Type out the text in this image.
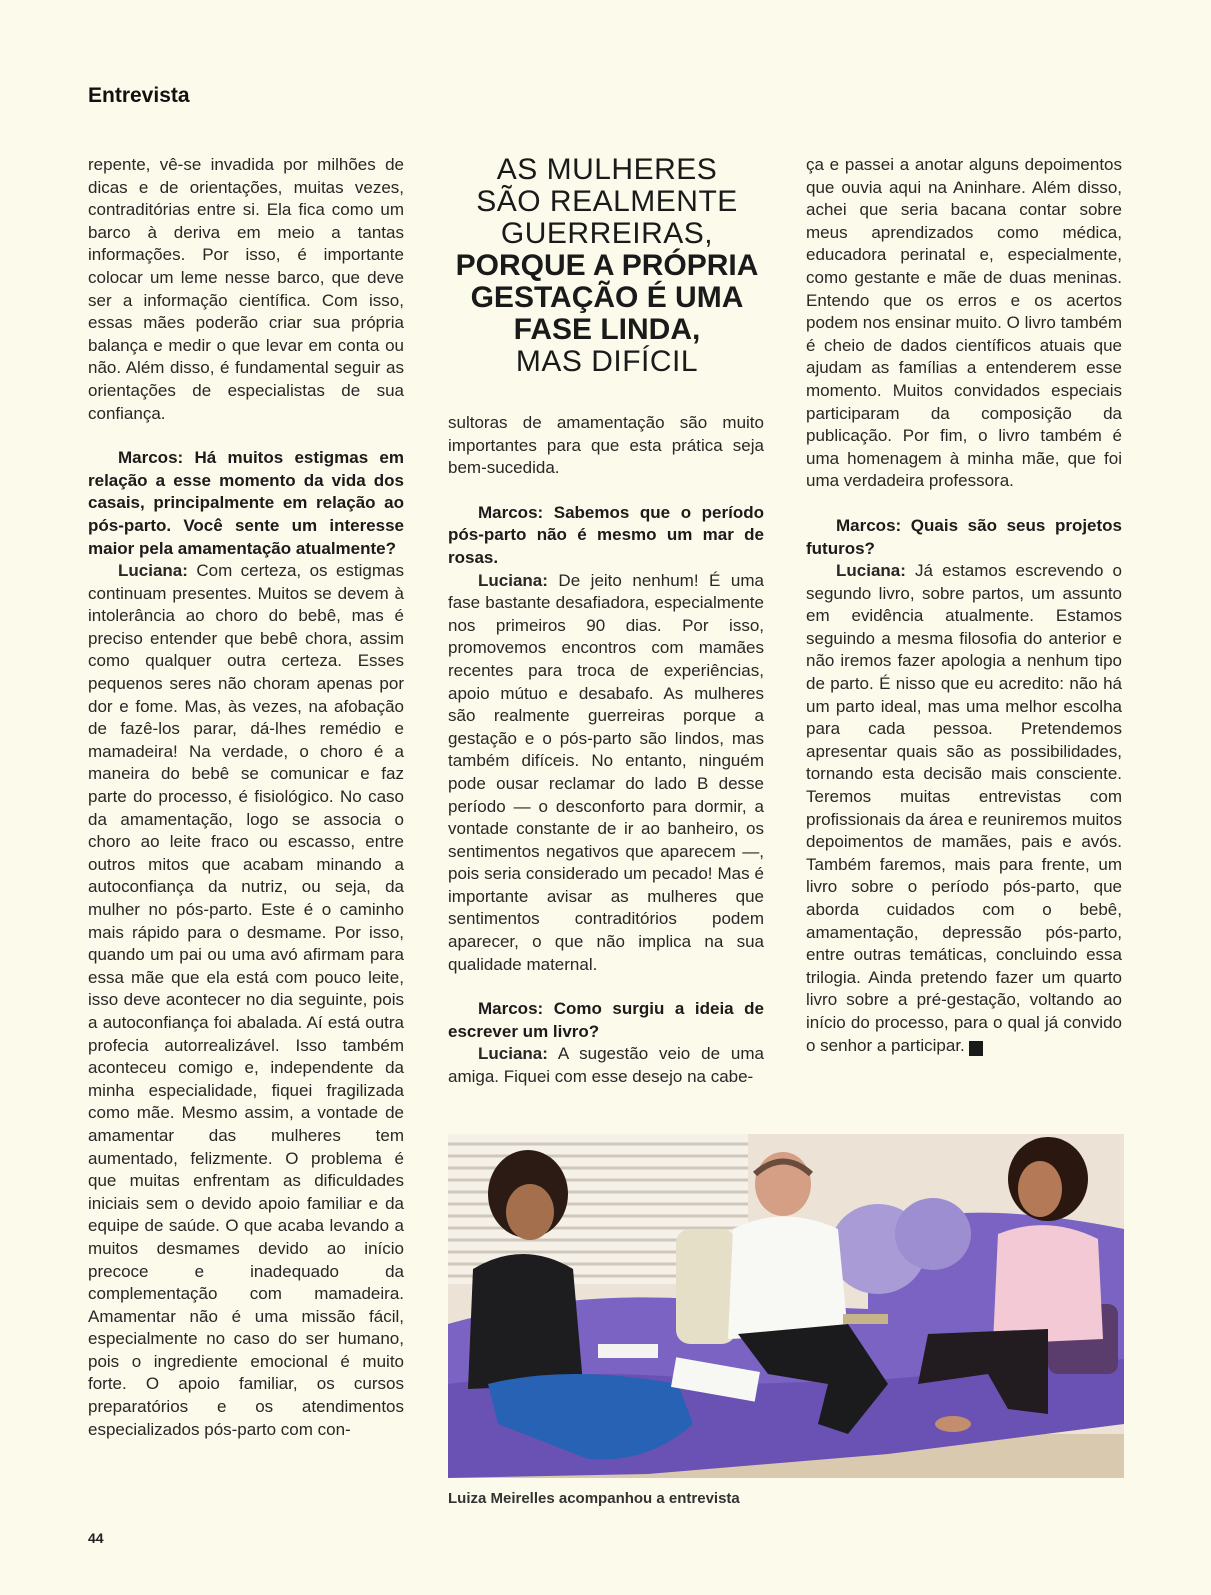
Entrevista

repente, vê-se invadida por milhões de dicas e de orientações, muitas vezes, contraditórias entre si. Ela fica como um barco à deriva em meio a tantas informações. Por isso, é importante colocar um leme nesse barco, que deve ser a informação científica. Com isso, essas mães poderão criar sua própria balança e medir o que levar em conta ou não. Além disso, é fundamental seguir as orientações de especialistas de sua confiança.

Marcos: Há muitos estigmas em relação a esse momento da vida dos casais, principalmente em relação ao pós-parto. Você sente um interesse maior pela amamentação atualmente?

Luciana: Com certeza, os estigmas continuam presentes. Muitos se devem à intolerância ao choro do bebê, mas é preciso entender que bebê chora, assim como qualquer outra certeza. Esses pequenos seres não choram apenas por dor e fome. Mas, às vezes, na afobação de fazê-los parar, dá-lhes remédio e mamadeira! Na verdade, o choro é a maneira do bebê se comunicar e faz parte do processo, é fisiológico. No caso da amamentação, logo se associa o choro ao leite fraco ou escasso, entre outros mitos que acabam minando a autoconfiança da nutriz, ou seja, da mulher no pós-parto. Este é o caminho mais rápido para o desmame. Por isso, quando um pai ou uma avó afirmam para essa mãe que ela está com pouco leite, isso deve acontecer no dia seguinte, pois a autoconfiança foi abalada. Aí está outra profecia autorrealizável. Isso também aconteceu comigo e, independente da minha especialidade, fiquei fragilizada como mãe. Mesmo assim, a vontade de amamentar das mulheres tem aumentado, felizmente. O problema é que muitas enfrentam as dificuldades iniciais sem o devido apoio familiar e da equipe de saúde. O que acaba levando a muitos desmames devido ao início precoce e inadequado da complementação com mamadeira. Amamentar não é uma missão fácil, especialmente no caso do ser humano, pois o ingrediente emocional é muito forte. O apoio familiar, os cursos preparatórios e os atendimentos especializados pós-parto com con-

AS MULHERES
SÃO REALMENTE
GUERREIRAS,
PORQUE A PRÓPRIA
GESTAÇÃO É UMA
FASE LINDA,
MAS DIFÍCIL

sultoras de amamentação são muito importantes para que esta prática seja bem-sucedida.

Marcos: Sabemos que o período pós-parto não é mesmo um mar de rosas.

Luciana: De jeito nenhum! É uma fase bastante desafiadora, especialmente nos primeiros 90 dias. Por isso, promovemos encontros com mamães recentes para troca de experiências, apoio mútuo e desabafo. As mulheres são realmente guerreiras porque a gestação e o pós-parto são lindos, mas também difíceis. No entanto, ninguém pode ousar reclamar do lado B desse período — o desconforto para dormir, a vontade constante de ir ao banheiro, os sentimentos negativos que aparecem —, pois seria considerado um pecado! Mas é importante avisar as mulheres que sentimentos contraditórios podem aparecer, o que não implica na sua qualidade maternal.

Marcos: Como surgiu a ideia de escrever um livro?

Luciana: A sugestão veio de uma amiga. Fiquei com esse desejo na cabe-

ça e passei a anotar alguns depoimentos que ouvia aqui na Aninhare. Além disso, achei que seria bacana contar sobre meus aprendizados como médica, educadora perinatal e, especialmente, como gestante e mãe de duas meninas. Entendo que os erros e os acertos podem nos ensinar muito. O livro também é cheio de dados científicos atuais que ajudam as famílias a entenderem esse momento. Muitos convidados especiais participaram da composição da publicação. Por fim, o livro também é uma homenagem à minha mãe, que foi uma verdadeira professora.

Marcos: Quais são seus projetos futuros?

Luciana: Já estamos escrevendo o segundo livro, sobre partos, um assunto em evidência atualmente. Estamos seguindo a mesma filosofia do anterior e não iremos fazer apologia a nenhum tipo de parto. É nisso que eu acredito: não há um parto ideal, mas uma melhor escolha para cada pessoa. Pretendemos apresentar quais são as possibilidades, tornando esta decisão mais consciente. Teremos muitas entrevistas com profissionais da área e reuniremos muitos depoimentos de mamães, pais e avós. Também faremos, mais para frente, um livro sobre o período pós-parto, que aborda cuidados com o bebê, amamentação, depressão pós-parto, entre outras temáticas, concluindo essa trilogia. Ainda pretendo fazer um quarto livro sobre a pré-gestação, voltando ao início do processo, para o qual já convido o senhor a participar.	r

Luiza Meirelles acompanhou a entrevista
44
